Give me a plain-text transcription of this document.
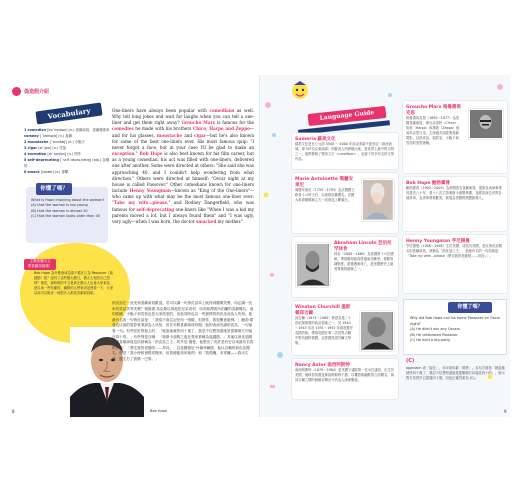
偽造假介紹
Vocabulary
1 comedian [kə`midɪən] (n.) 喜劇演員；喜劇藝術家
comedy [`kɑmədɪ] (n.) 喜劇
2 moustache [`mʌstæʃ] (n.) 小鬍子
3 cigar [sɪ`gɑr] (n.) 雪茄
4 exception [ɪk`sɛpʃən] (n.) 例外
5 self-deprecating [`sɛlf`dɛprə,ketɪŋ] (adj.) 自嘲的
6 smack [smæk] (v.) 重擊
你懂了嗎？
What is Hope implying about the woman?
(A) that the woman is too young
(B) that the woman is almost 40
(C) that the woman looks older than 40
主要看懂內文
要看圖得搞懂！
Bob Hope 為什麼會成為原子擔任口為 Passover（逾越節）呢？說到了這些猶太節日，猶太人相信自己很棒？就是，那時候的中文是真正猶太人也會大家來說，是以來一些有趣的，幽默的人們來到這裡看一下，大家以前可以做成一個很多人都是喜劇演員呢。
Bob Hope
8
One-liners have always been popular with comedians as well. Why tell long jokes and wait for laughs when you can tell a one-liner and get them right away? Groucho Marx is famous for the comedies he made with his brothers Chico, Harpo and Zeppo—and for his glasses, moustache and cigar—but he's also known for some of the best one-liners ever. His most famous quip: "I never forget a face, but in your case I'll be glad to make an exception." Bob Hope is also best known for his film career, but as a young comedian, his act was filled with one-liners, delivered one after another. Some were directed at others: "She said she was approaching 40, and I couldn't help wondering from what direction." Others were directed at himself: "Oscar night at my house is called Passover." Other comedians known for one-liners include Henny Youngman—known as "King of the One-liners"—who came up with what may be the most famous one-liner ever: "Take my wife…please," and Rodney Dangerfield, who was famous for self-deprecating one-liners like "When I was a kid my parents moved a lot, but I always found them" and "I was ugly, very ugly—when I was born, the doctor smacked my mother."
俏皮話在一直受到喜劇演員歡迎。若可以講一句俏皮話馬上就得到聽眾笑聲，何必講一長串的笑話苦等笑聲？格魯喬·馬克斯以與他的兄弟奇科、哈勃和澤波所拍攝的喜劇聞名，他的眼鏡、小鬍子和雪茄也是大家熟悉的，但他同時也以一些最棒的俏皮話而為人所知。他最有名的一句俏皮話是：「我從不會忘記任何一張臉，但對你，我很樂意破例。」鮑勃·霍普也以他的電影事業最為人所知，但在年輕喜劇演員時期，他的表演充滿俏皮話，一句接著一句。有些是針對他人的：「她說她就快四十歲了，我忍不住想知道她是從哪個方向接近四十的。」有些則是自嘲：「奧斯卡頒獎之夜在我家被稱為逾越節。」其他以俏皮話聞名的喜劇演員包括被稱為「俏皮話之王」的亨尼·揚曼，他想出了或許是有史以來最有名的俏皮話：「帶走我的老婆吧……拜託」；以及羅德尼·丹傑菲爾德，他以自嘲的俏皮話聞名，像是「我小時候爸媽常搬家，但我總能找到他們」和「我很醜，非常醜——我出生時，醫生打了我媽一巴掌。」
Language Guide
Sumeria 蘇美文化
蘇美文化是在公元前 5500 ～ 4000 年前由美索不達米亞（兩河流域，即今伊拉克東南部）的蘇美人所發展出來，是世界上最早的文明之一。他們發明了楔形文字（cuneiform），也留下許多有名的文學作品。
Marie Antoinette 瑪麗安東尼
瑪麗安東尼（1755～1793）為法國國王路易十六的王后，以奢侈浪費聞名。法國大革命期間與丈夫一同被送上斷頭台。
Abraham Lincoln 亞伯拉罕林肯
林肯（1809～1865）為美國第十六任總統，帶領聯邦政府度過南北戰爭，廢除奴隸制度，最後遇刺身亡，是美國歷史上最受尊敬的總統之一。
Winston Churchill 溫斯頓邱吉爾
邱吉爾（1874～1965）被認為是二十世紀最重要的政治領袖之一，於 1940～1945 年及 1951～1955 年兩度擔任英國首相，帶領英國在第二次世界大戰中對抗納粹德國，也曾獲得諾貝爾文學獎。
Nancy Astor 南西阿斯特
南西阿斯特（1879～1964）是英國下議院第一位女性議員，出生於美國，後移居英國並嫁給阿斯特子爵，以機智與幽默的言語聞名，與邱吉爾之間的唇槍舌戰至今仍為人津津樂道。
Groucho Marx 格魯喬馬克思
格魯喬馬克思（1890～1977）為美國喜劇演員，與兄弟奇科（Chico）、哈勃（Harpo）和澤波（Zeppo）組成馬克思兄弟，主演過多部經典喜劇電影，以俏皮話、粗眉毛、小鬍子和雪茄的造型著稱。
Bob Hope 鮑勃霍普
鮑勃霍普（1903～2003）為美國著名喜劇演員，從影及表演事業長達近八十年，曾十八次主持奧斯卡頒獎典禮，並經常前往世界各地勞軍，為美軍帶來歡笑，被視為美國的國寶級藝人。
Henny Youngman 亨尼揚曼
亨尼揚曼（1906～1998）生於英國、成長於美國，是以俏皮話聞名的喜劇演員，被稱為「俏皮話之王」，他最有名的一句話就是「Take my wife…please（帶走我的老婆吧……拜託）」。
你懂了嗎？
Why did Bob Hope call his home Passover on Oscar night?
(A) He didn't win any Oscars.
(B) He celebrated Passover.
(C) He held a big party.
(C)
approach 表「接近」，亦可指年齡「即將」。本句字面指「她說她就快四十歲了，我忍不住想知道她是從哪個方向接近四十的」，暗示對方其實早已超過四十歲，因此正確答案為 (C)。
9
